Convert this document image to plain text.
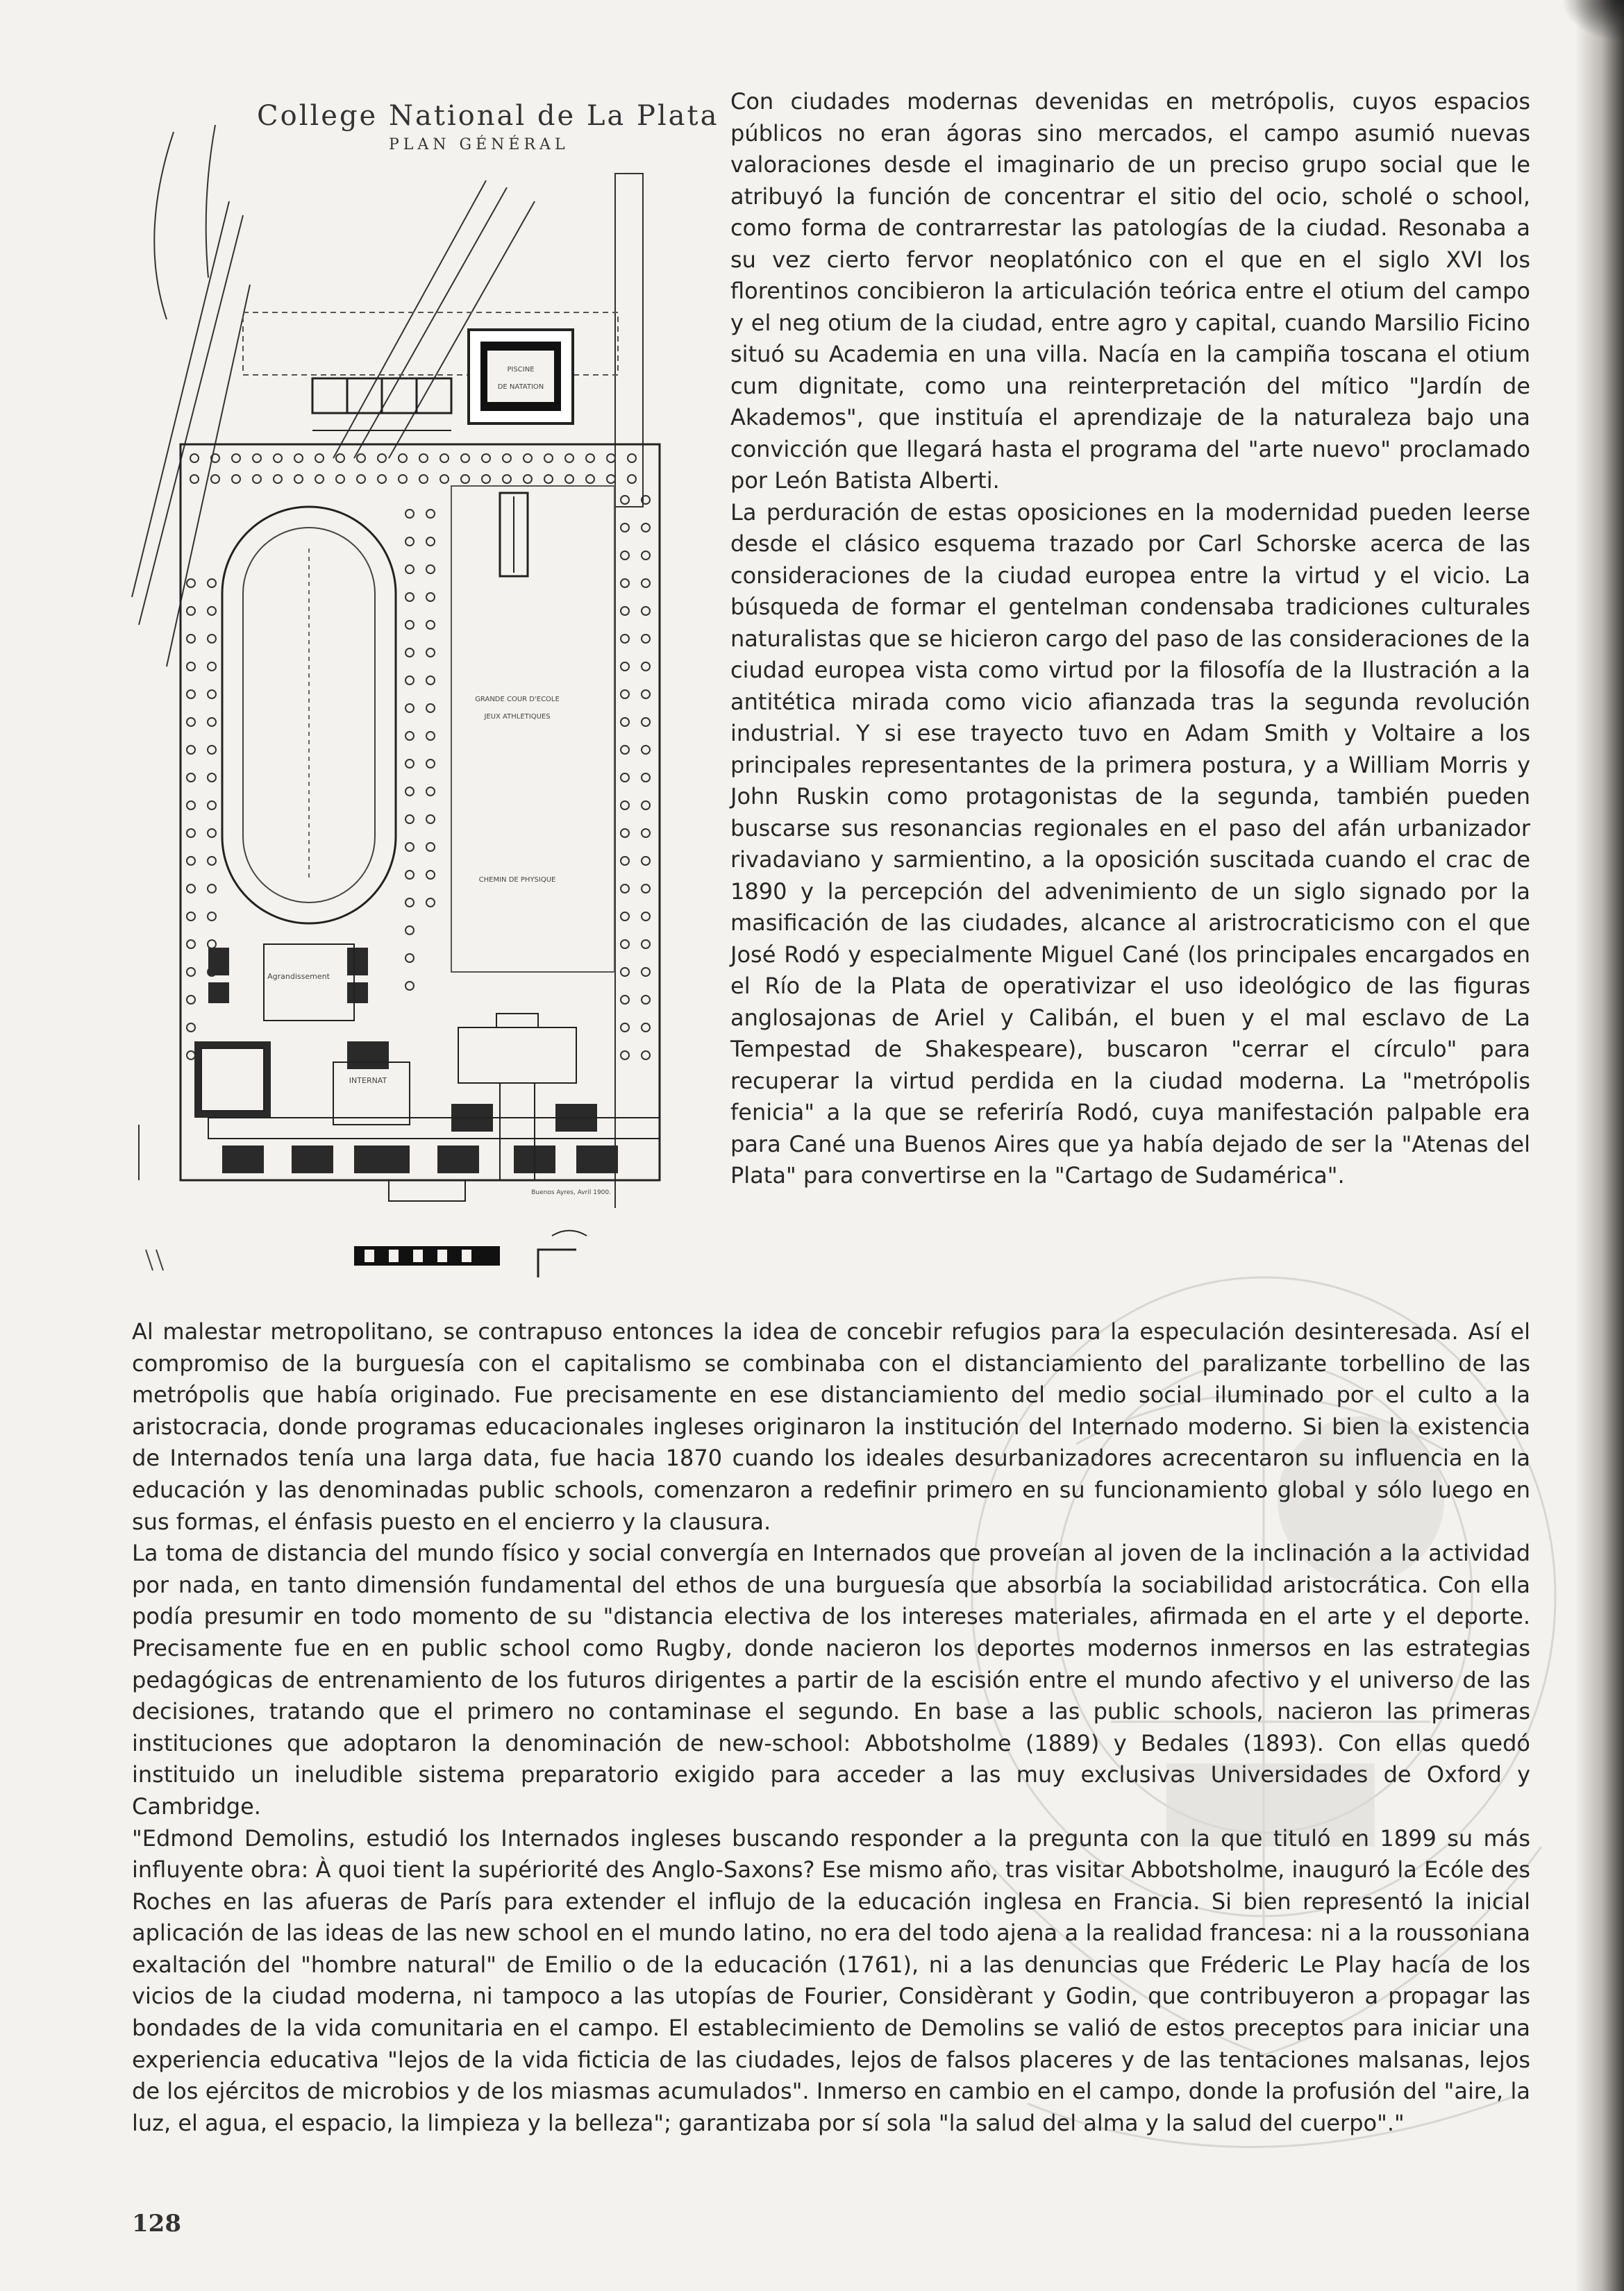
PISCINE
DE NATATION
Agrandissement
INTERNAT
CHEMIN DE PHYSIQUE
GRANDE COUR D'ECOLE
JEUX ATHLETIQUES
Buenos Ayres, Avril 1900.
College National de La Plata
PLAN GÉNÉRAL

Con ciudades modernas devenidas en metrópolis, cuyos espacios públicos no eran ágoras sino mercados, el campo asumió nuevas valoraciones desde el imaginario de un preciso grupo social que le atribuyó la función de concentrar el sitio del ocio, scholé o school, como forma de contrarrestar las patologías de la ciudad. Resonaba a su vez cierto fervor neoplatónico con el que en el siglo XVI los florentinos concibieron la articulación teórica entre el otium del campo y el neg otium de la ciudad, entre agro y capital, cuando Marsilio Ficino situó su Academia en una villa. Nacía en la campiña toscana el otium cum dignitate, como una reinterpretación del mítico "Jardín de Akademos", que instituía el aprendizaje de la naturaleza bajo una convicción que llegará hasta el programa del "arte nuevo" proclamado por León Batista Alberti.

La perduración de estas oposiciones en la modernidad pueden leerse desde el clásico esquema trazado por Carl Schorske acerca de las consideraciones de la ciudad europea entre la virtud y el vicio. La búsqueda de formar el gentelman condensaba tradiciones culturales naturalistas que se hicieron cargo del paso de las consideraciones de la ciudad europea vista como virtud por la filosofía de la Ilustración a la antitética mirada como vicio afianzada tras la segunda revolución industrial. Y si ese trayecto tuvo en Adam Smith y Voltaire a los principales representantes de la primera postura, y a William Morris y John Ruskin como protagonistas de la segunda, también pueden buscarse sus resonancias regionales en el paso del afán urbanizador rivadaviano y sarmientino, a la oposición suscitada cuando el crac de 1890 y la percepción del advenimiento de un siglo signado por la masificación de las ciudades, alcance al aristrocraticismo con el que José Rodó y especialmente Miguel Cané (los principales encargados en el Río de la Plata de operativizar el uso ideológico de las figuras anglosajonas de Ariel y Calibán, el buen y el mal esclavo de La Tempestad de Shakespeare), buscaron "cerrar el círculo" para recuperar la virtud perdida en la ciudad moderna. La "metrópolis fenicia" a la que se referiría Rodó, cuya manifestación palpable era para Cané una Buenos Aires que ya había dejado de ser la "Atenas del Plata" para convertirse en la "Cartago de Sudamérica".

Al malestar metropolitano, se contrapuso entonces la idea de concebir refugios para la especulación desinteresada. Así el compromiso de la burguesía con el capitalismo se combinaba con el distanciamiento del paralizante torbellino de las metrópolis que había originado. Fue precisamente en ese distanciamiento del medio social iluminado por el culto a la aristocracia, donde programas educacionales ingleses originaron la institución del Internado moderno. Si bien la existencia de Internados tenía una larga data, fue hacia 1870 cuando los ideales desurbanizadores acrecentaron su influencia en la educación y las denominadas public schools, comenzaron a redefinir primero en su funcionamiento global y sólo luego en sus formas, el énfasis puesto en el encierro y la clausura.

La toma de distancia del mundo físico y social convergía en Internados que proveían al joven de la inclinación a la actividad por nada, en tanto dimensión fundamental del ethos de una burguesía que absorbía la sociabilidad aristocrática. Con ella podía presumir en todo momento de su "distancia electiva de los intereses materiales, afirmada en el arte y el deporte. Precisamente fue en en public school como Rugby, donde nacieron los deportes modernos inmersos en las estrategias pedagógicas de entrenamiento de los futuros dirigentes a partir de la escisión entre el mundo afectivo y el universo de las decisiones, tratando que el primero no contaminase el segundo. En base a las public schools, nacieron las primeras instituciones que adoptaron la denominación de new-school: Abbotsholme (1889) y Bedales (1893). Con ellas quedó instituido un ineludible sistema preparatorio exigido para acceder a las muy exclusivas Universidades de Oxford y Cambridge.

"Edmond Demolins, estudió los Internados ingleses buscando responder a la pregunta con la que tituló en 1899 su más influyente obra: À quoi tient la supériorité des Anglo-Saxons? Ese mismo año, tras visitar Abbotsholme, inauguró la Ecóle des Roches en las afueras de París para extender el influjo de la educación inglesa en Francia. Si bien representó la inicial aplicación de las ideas de las new school en el mundo latino, no era del todo ajena a la realidad francesa: ni a la roussoniana exaltación del "hombre natural" de Emilio o de la educación (1761), ni a las denuncias que Fréderic Le Play hacía de los vicios de la ciudad moderna, ni tampoco a las utopías de Fourier, Considèrant y Godin, que contribuyeron a propagar las bondades de la vida comunitaria en el campo. El establecimiento de Demolins se valió de estos preceptos para iniciar una experiencia educativa "lejos de la vida ficticia de las ciudades, lejos de falsos placeres y de las tentaciones malsanas, lejos de los ejércitos de microbios y de los miasmas acumulados". Inmerso en cambio en el campo, donde la profusión del "aire, la luz, el agua, el espacio, la limpieza y la belleza"; garantizaba por sí sola "la salud del alma y la salud del cuerpo"."

128
